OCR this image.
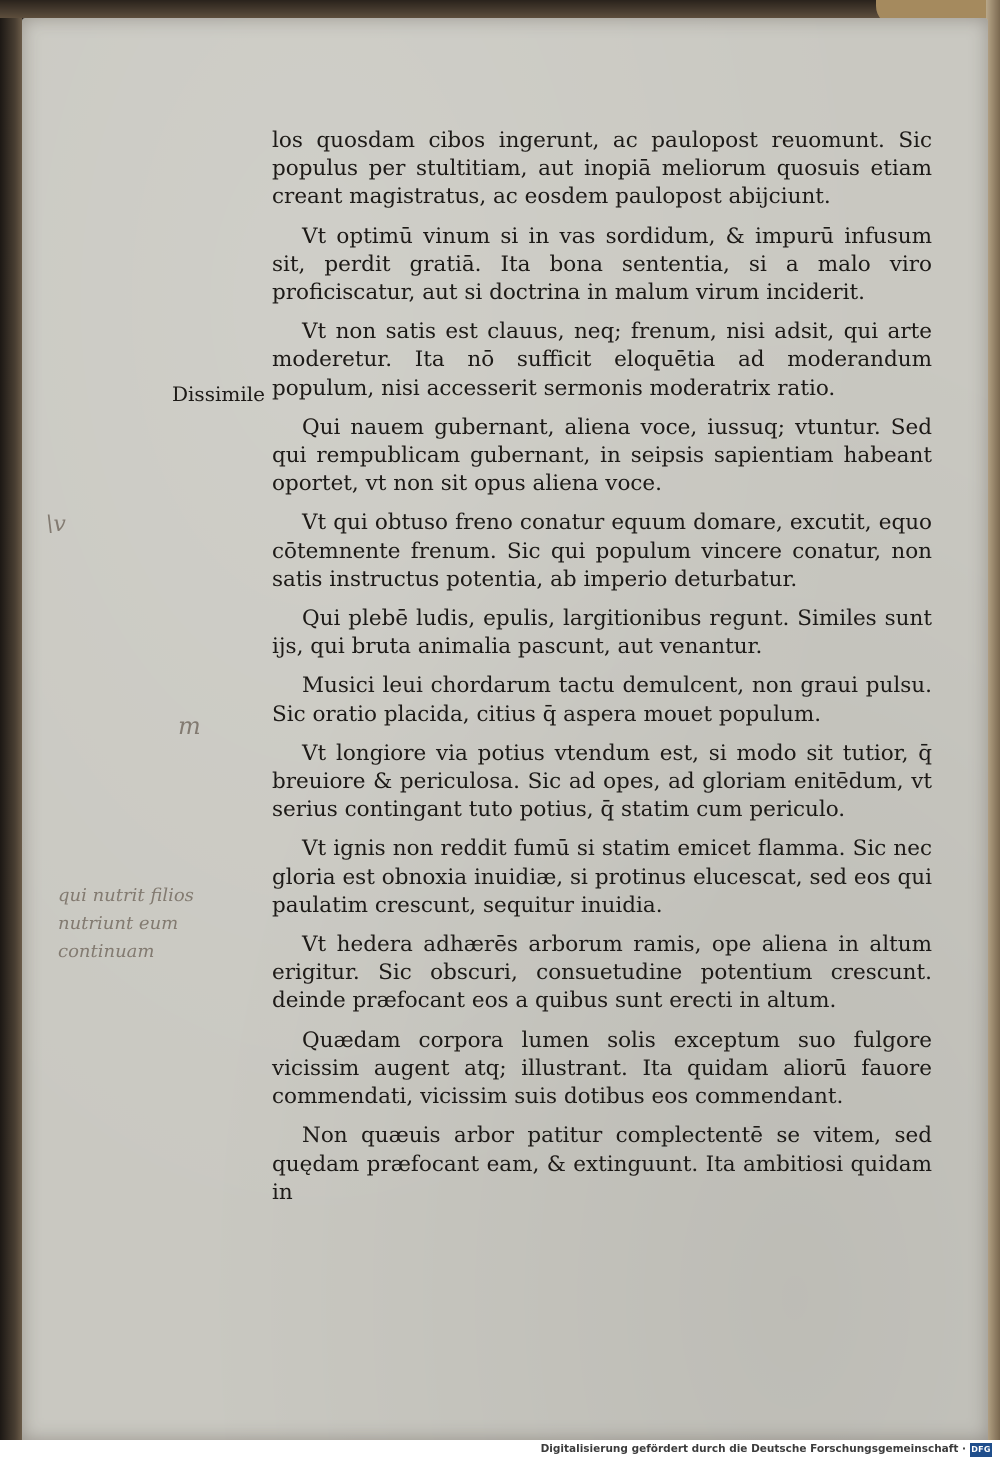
los quosdam cibos ingerunt, ac paulopost reuomunt. Sic populus per stultitiam, aut inopiā meliorum quosuis etiam creant magistratus, ac eosdem paulopost abijciunt.

Vt optimū vinum si in vas sordidum, & impurū infusum sit, perdit gratiā. Ita bona sententia, si a malo viro proficiscatur, aut si doctrina in malum virum inciderit.

Vt non satis est clauus, neq; frenum, nisi adsit, qui arte moderetur. Ita nō sufficit eloquētia ad moderandum populum, nisi accesserit sermonis moderatrix ratio.

Qui nauem gubernant, aliena voce, iussuq; vtuntur. Sed qui rempublicam gubernant, in seipsis sapientiam habeant oportet, vt non sit opus aliena voce.

Vt qui obtuso freno conatur equum domare, excutit, equo cōtemnente frenum. Sic qui populum vincere conatur, non satis instructus potentia, ab imperio deturbatur.

Qui plebē ludis, epulis, largitionibus regunt. Similes sunt ijs, qui bruta animalia pascunt, aut venantur.

Musici leui chordarum tactu demulcent, non graui pulsu. Sic oratio placida, citius q̄ aspera mouet populum.

Vt longiore via potius vtendum est, si modo sit tutior, q̄ breuiore & periculosa. Sic ad opes, ad gloriam enitēdum, vt serius contingant tuto potius, q̄ statim cum periculo.

Vt ignis non reddit fumū si statim emicet flamma. Sic nec gloria est obnoxia inuidiæ, si protinus elucescat, sed eos qui paulatim crescunt, sequitur inuidia.

Vt hedera adhærēs arborum ramis, ope aliena in altum erigitur. Sic obscuri, consuetudine potentium crescunt. deinde præfocant eos a quibus sunt erecti in altum.

Quædam corpora lumen solis exceptum suo fulgore vicissim augent atq; illustrant. Ita quidam aliorū fauore commendati, vicissim suis dotibus eos commendant.

Non quæuis arbor patitur complectentē se vitem, sed quędam præfocant eam, & extinguunt. Ita ambitiosi quidam in

Dissimile
\v
m
qui nutrit filios
nutriunt eum
continuam
Digitalisierung gefördert durch die Deutsche Forschungsgemeinschaft · DFG
